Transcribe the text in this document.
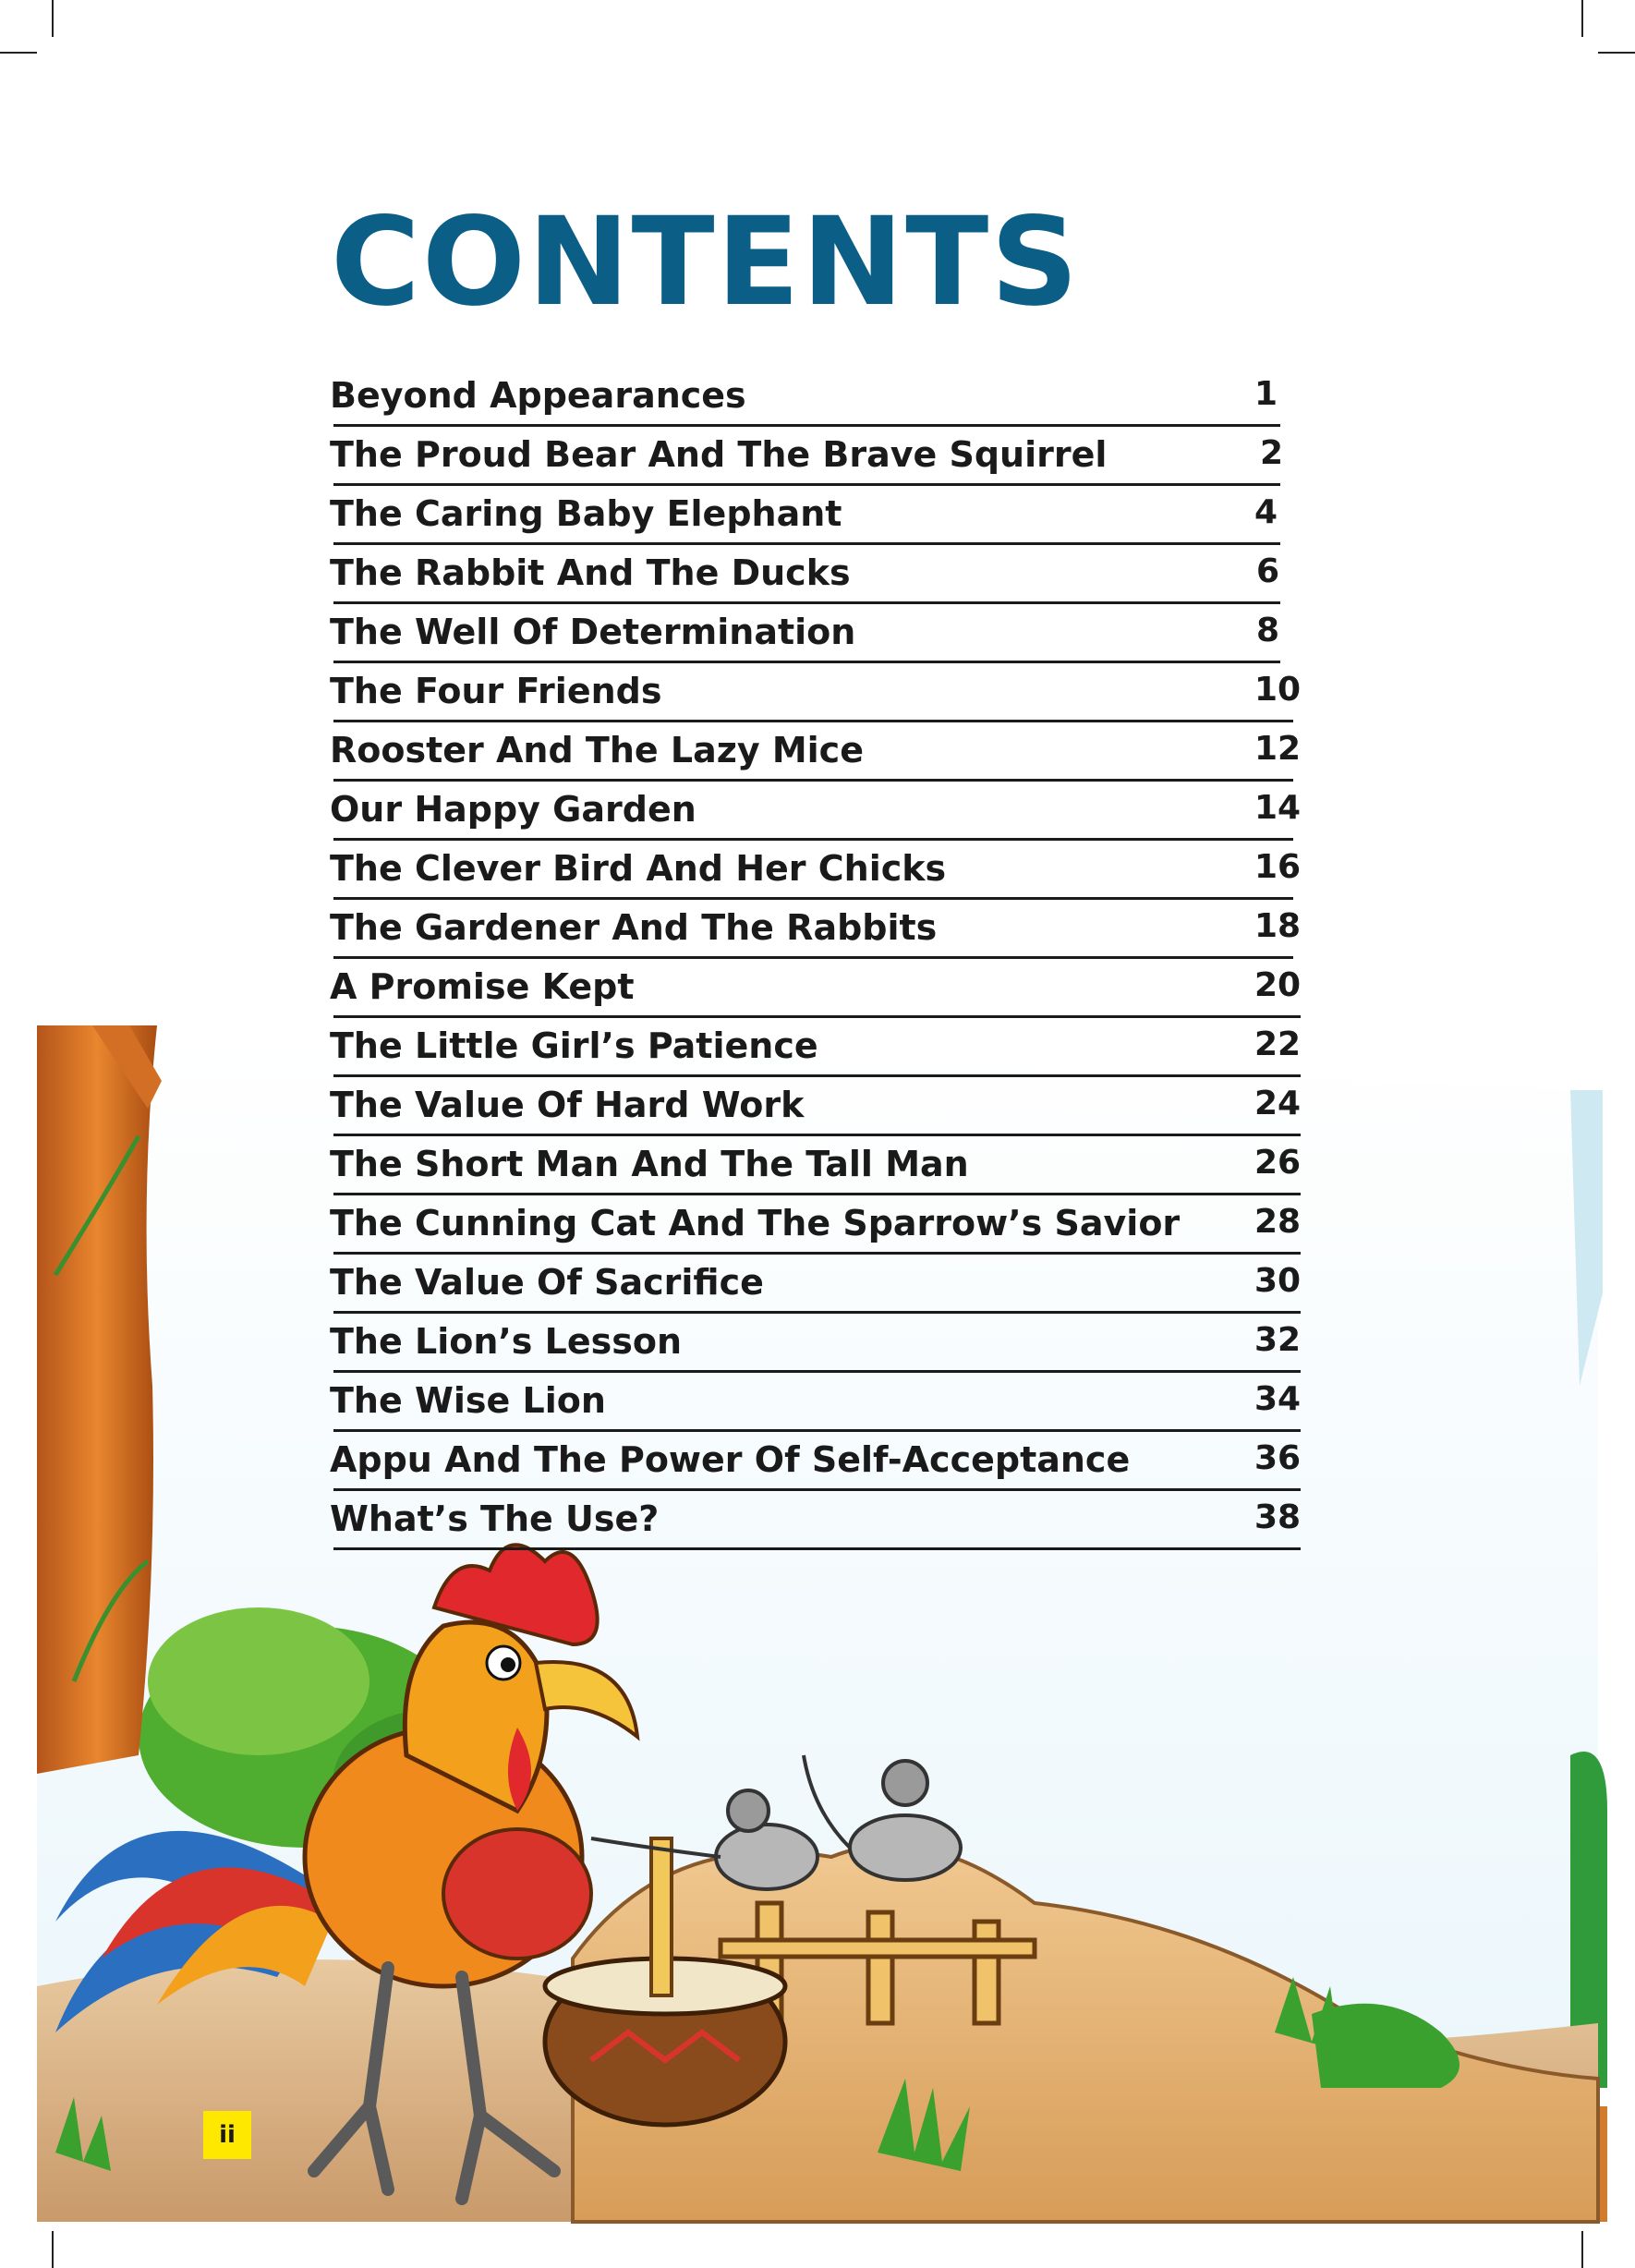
CONTENTS
Beyond Appearances	1
The Proud Bear And The Brave Squirrel	2
The Caring Baby Elephant	4
The Rabbit And The Ducks	6
The Well Of Determination	8
The Four Friends	10
Rooster And The Lazy Mice	12
Our Happy Garden	14
The Clever Bird And Her Chicks	16
The Gardener And The Rabbits	18
A Promise Kept	20
The Little Girl’s Patience	22
The Value Of Hard Work	24
The Short Man And The Tall Man	26
The Cunning Cat And The Sparrow’s Savior 28
The Value Of Sacrifice	30
The Lion’s Lesson	32
The Wise Lion	34
Appu And The Power Of Self-Acceptance	36
What’s The Use?	38
ii
